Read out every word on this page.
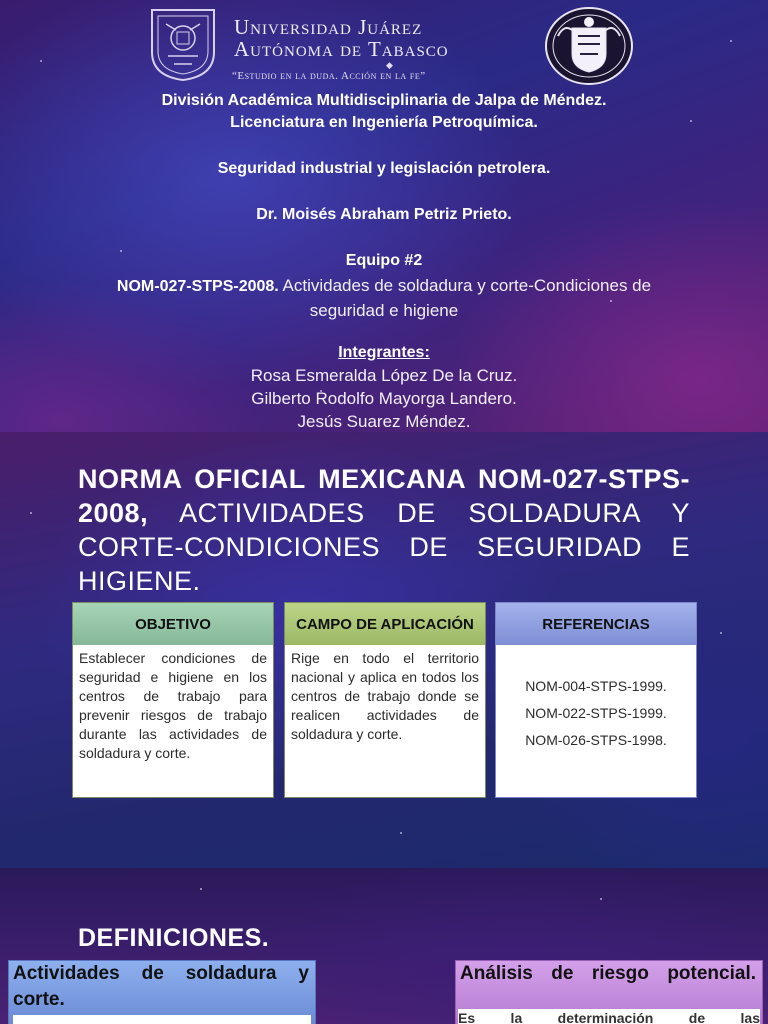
Universidad Juárez
Autónoma de Tabasco
◆
“Estudio en la duda. Acción en la fe”
División Académica Multidisciplinaria de Jalpa de Méndez.
Licenciatura en Ingeniería Petroquímica.
Seguridad industrial y legislación petrolera.
Dr. Moisés Abraham Petriz Prieto.
Equipo #2
NOM-027-STPS-2008. Actividades de soldadura y corte-Condiciones de
seguridad e higiene
Integrantes:
Rosa Esmeralda López De la Cruz.
Gilberto Rodolfo Mayorga Landero.
Jesús Suarez Méndez.
NORMA OFICIAL MEXICANA NOM-027-STPS-2008, ACTIVIDADES DE SOLDADURA Y CORTE-CONDICIONES DE SEGURIDAD E HIGIENE.
OBJETIVO
Establecer condiciones de seguridad e higiene en los centros de trabajo para prevenir riesgos de trabajo durante las actividades de soldadura y corte.
CAMPO DE APLICACIÓN
Rige en todo el territorio nacional y aplica en todos los centros de trabajo donde se realicen actividades de soldadura y corte.
REFERENCIAS
NOM-004-STPS-1999.
NOM-022-STPS-1999.
NOM-026-STPS-1998.
DEFINICIONES.
Actividades de soldadura y corte.
Análisis de riesgo potencial.
Es la determinación de las
